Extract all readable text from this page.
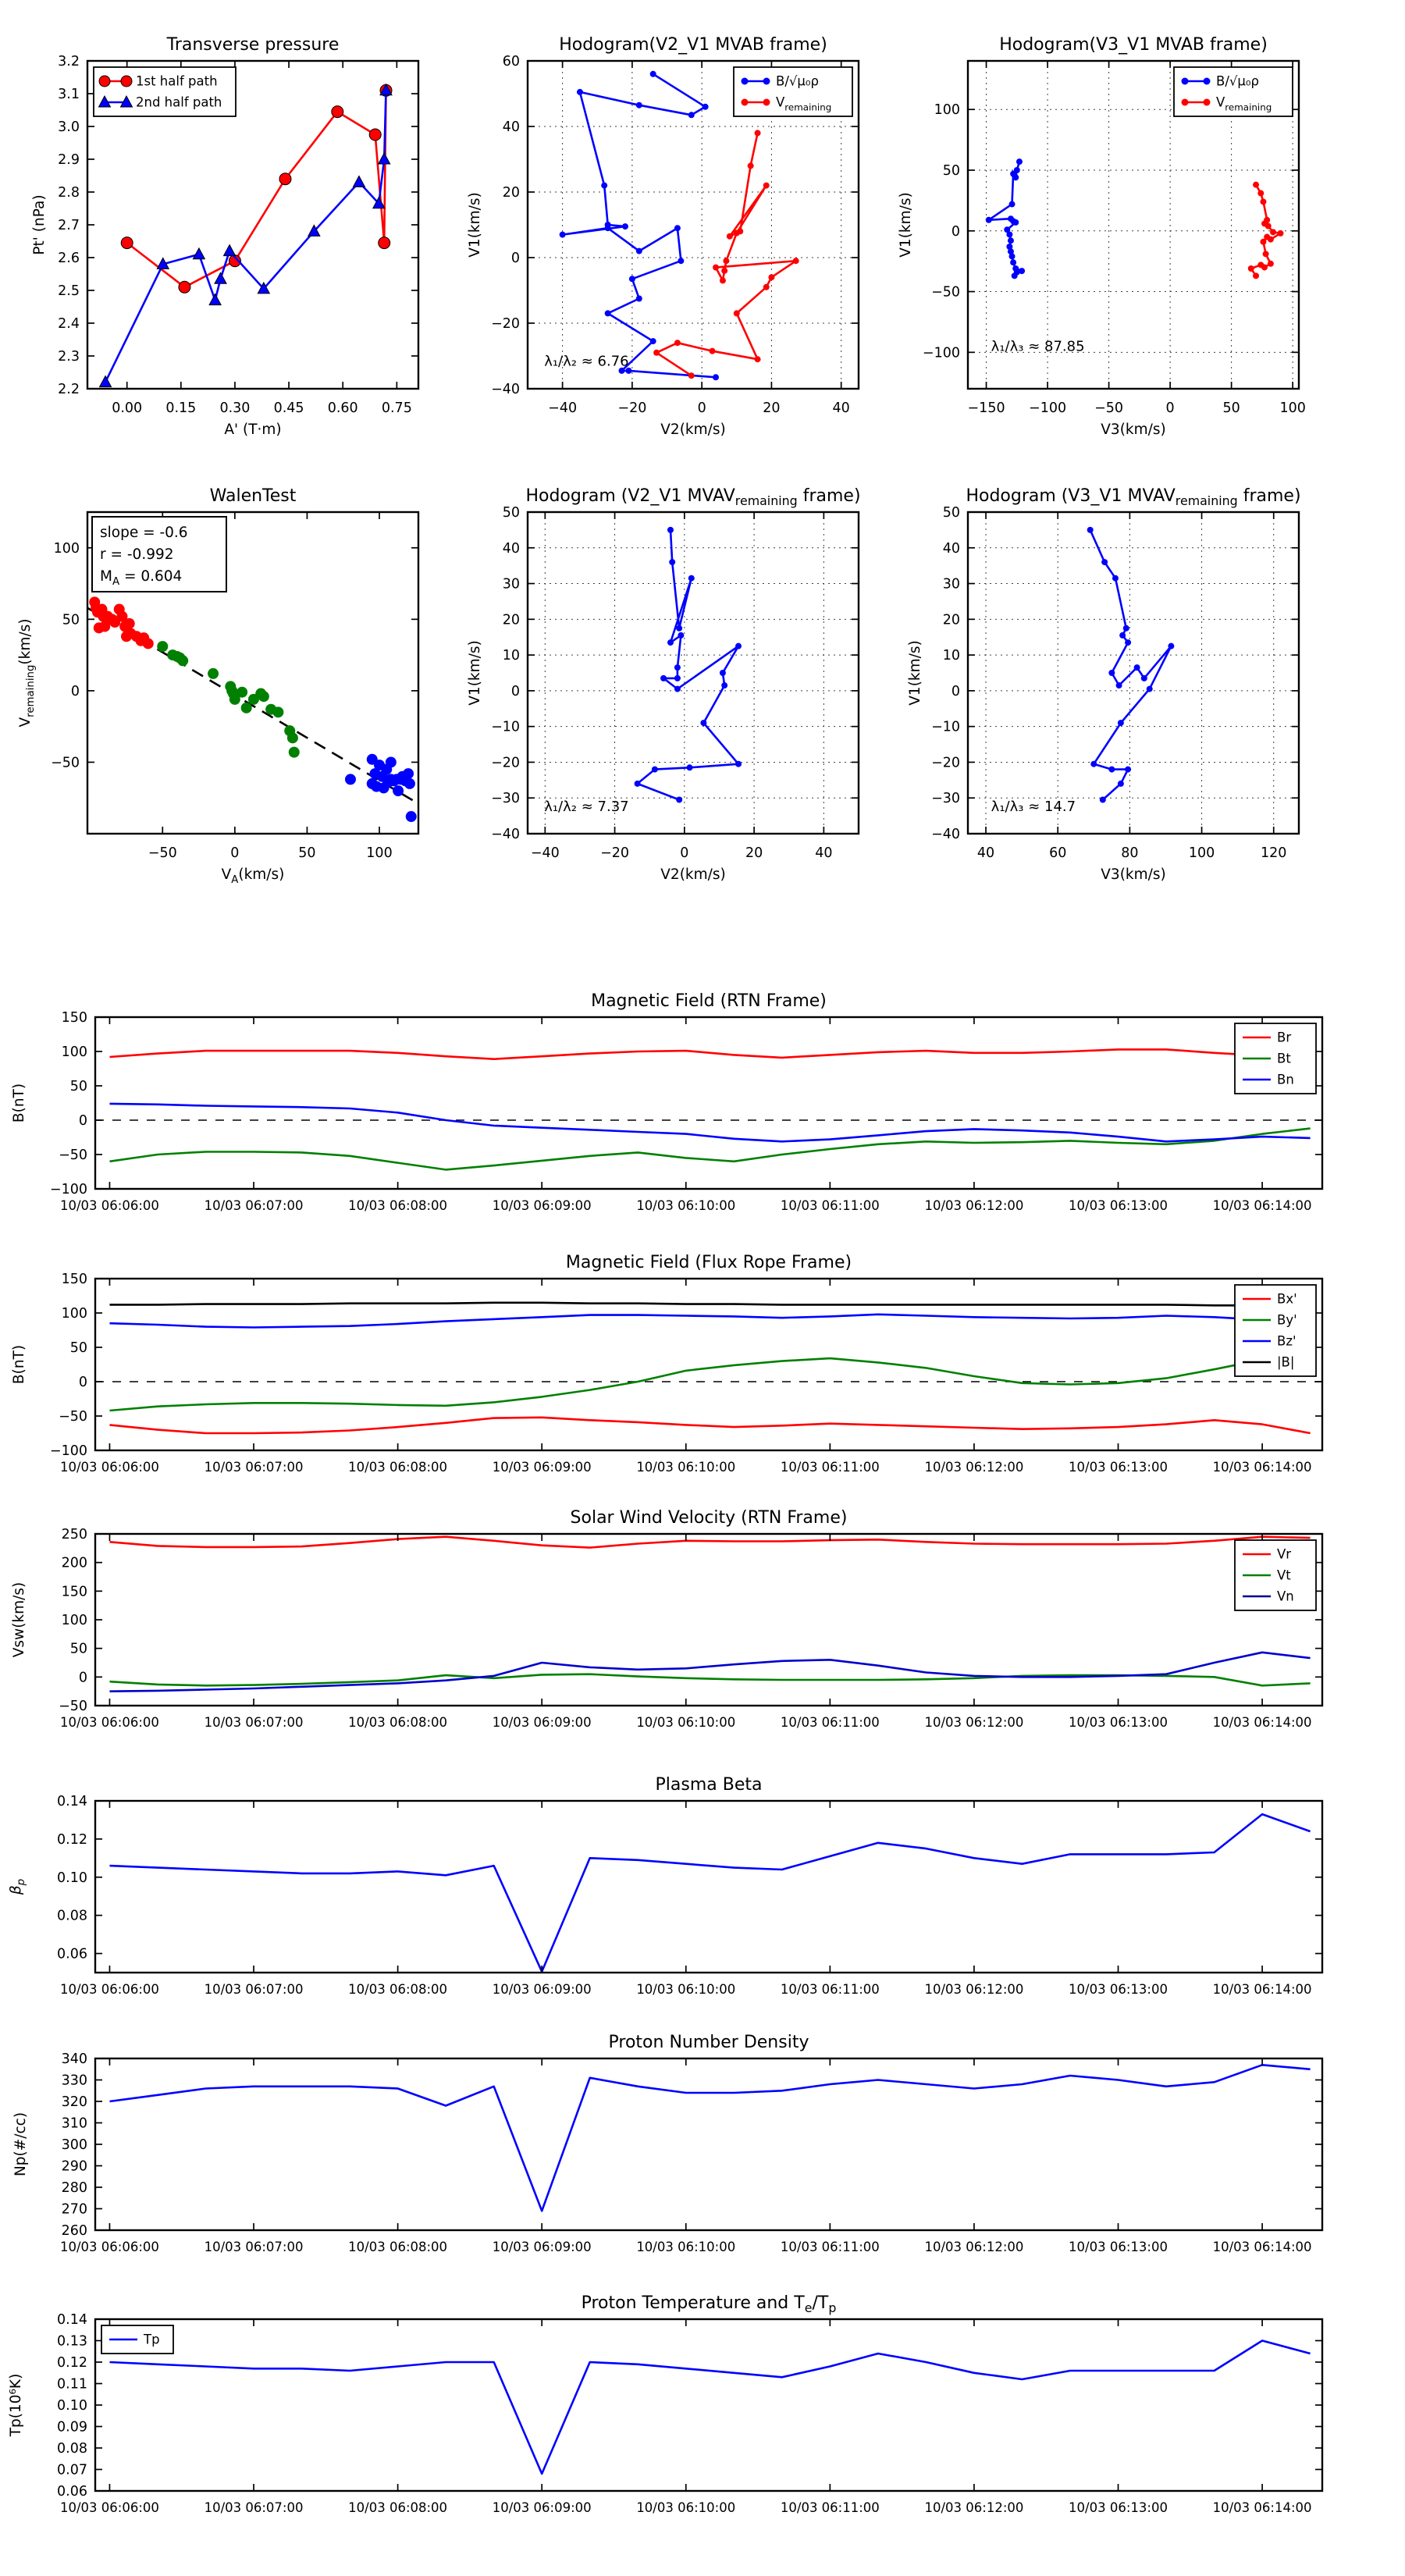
0.00 0.15 0.30 0.45 0.60 0.75
2.2
2.3
2.4
2.5
2.6
2.7
2.8
2.9
3.0
3.1
3.2
Transverse pressure
A' (T·m)
Pt' (nPa)
1st half path
2nd half path
−40	−20	0	20	40
−40
−20
0
20
40
60
Hodogram(V2_V1 MVAB frame)
V2(km/s)
V1(km/s)
λ₁/λ₂ ≈ 6.76
B/√μ₀ρ
$V_{remaining}$
−150 −100 −50	0	50	100
−100
−50
0
50
100
Hodogram(V3_V1 MVAB frame)
V3(km/s)
V1(km/s)
λ₁/λ₃ ≈ 87.85
B/√μ₀ρ
$V_{remaining}$
−50	0	50	100
−50
0
50
100
WalenTest
$V_A(km/s)$
$V_{remaining}(km/s)$
slope = -0.6
r = -0.992
$M_A = 0.604$
−40	−20	0	20	40
−40
−30
−20
−10
0
10
20
30
40
50
Hodogram (V2_V1 $MVAV_{remaining}$ frame)
V2(km/s)
V1(km/s)
λ₁/λ₂ ≈ 7.37
40	60	80	100	120
−40
−30
−20
−10
0
10
20
30
40
50
Hodogram (V3_V1 $MVAV_{remaining}$ frame)
V3(km/s)
V1(km/s)
λ₁/λ₃ ≈ 14.7
10/03 06:06:00	10/03 06:07:00	10/03 06:08:00	10/03 06:09:00	10/03 06:10:00	10/03 06:11:00	10/03 06:12:00	10/03 06:13:00	10/03 06:14:00
−100
−50
0
50
100
150
Magnetic Field (RTN Frame)
B(nT)
Br
Bt
Bn
10/03 06:06:00	10/03 06:07:00	10/03 06:08:00	10/03 06:09:00	10/03 06:10:00	10/03 06:11:00	10/03 06:12:00	10/03 06:13:00	10/03 06:14:00
−100
−50
0
50
100
150
Magnetic Field (Flux Rope Frame)
B(nT)
Bx'
By'
Bz'
|B|
10/03 06:06:00	10/03 06:07:00	10/03 06:08:00	10/03 06:09:00	10/03 06:10:00	10/03 06:11:00	10/03 06:12:00	10/03 06:13:00	10/03 06:14:00
−50
0
50
100
150
200
250
Solar Wind Velocity (RTN Frame)
Vsw(km/s)
Vr
Vt
Vn
10/03 06:06:00	10/03 06:07:00	10/03 06:08:00	10/03 06:09:00	10/03 06:10:00	10/03 06:11:00	10/03 06:12:00	10/03 06:13:00	10/03 06:14:00
0.06
0.08
0.10
0.12
0.14
Plasma Beta
$\beta_p$
10/03 06:06:00	10/03 06:07:00	10/03 06:08:00	10/03 06:09:00	10/03 06:10:00	10/03 06:11:00	10/03 06:12:00	10/03 06:13:00	10/03 06:14:00
260
270
280
290
300
310
320
330
340
Proton Number Density
Np(#/cc)
10/03 06:06:00	10/03 06:07:00	10/03 06:08:00	10/03 06:09:00	10/03 06:10:00	10/03 06:11:00	10/03 06:12:00	10/03 06:13:00	10/03 06:14:00
0.06
0.07
0.08
0.09
0.10
0.11
0.12
0.13
0.14
Proton Temperature and $T_e/T_p$
Tp(10⁶K)
Tp
